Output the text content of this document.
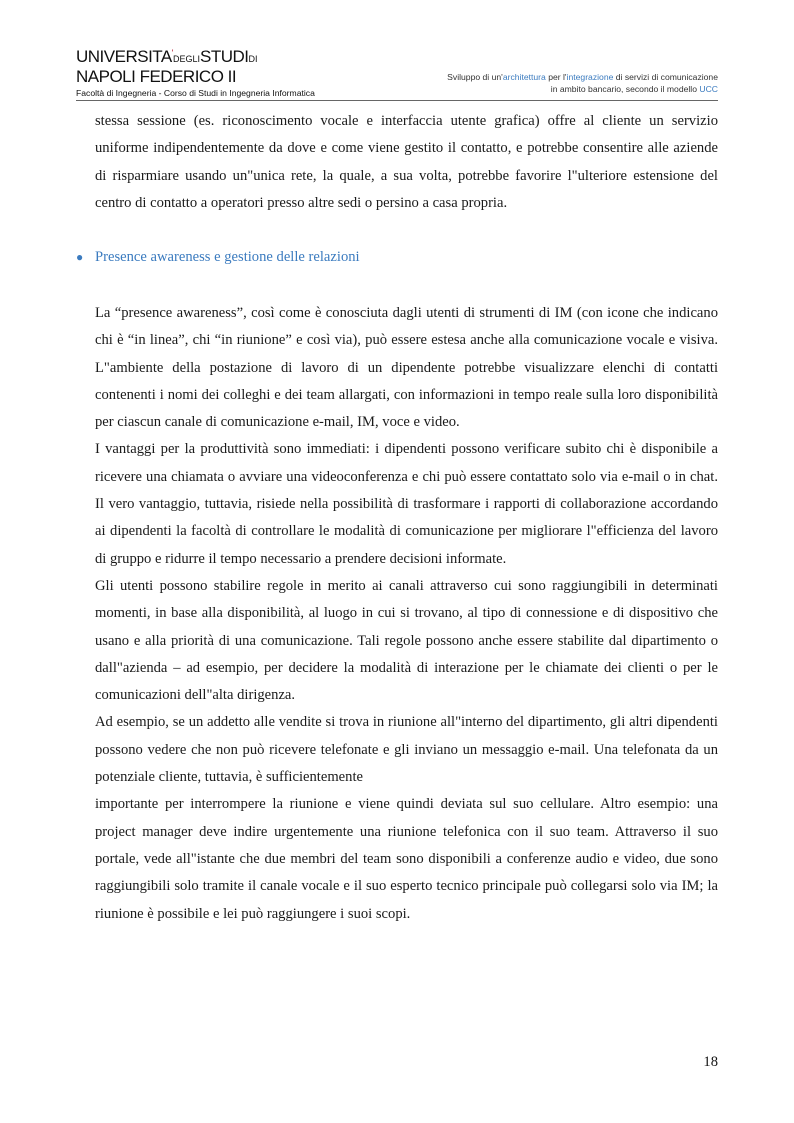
UNIVERSITA'DEGLISTUDIDI
NAPOLI FEDERICO II
Facoltà di Ingegneria - Corso di Studi in Ingegneria Informatica
Sviluppo di un'architettura per l'integrazione di servizi di comunicazione
in ambito bancario, secondo il modello UCC

stessa sessione (es. riconoscimento vocale e interfaccia utente grafica) offre al cliente un servizio uniforme indipendentemente da dove e come viene gestito il contatto, e potrebbe consentire alle aziende di risparmiare usando un"unica rete, la quale, a sua volta, potrebbe favorire l"ulteriore estensione del centro di contatto a operatori presso altre sedi o persino a casa propria.

● Presence awareness e gestione delle relazioni

La “presence awareness”, così come è conosciuta dagli utenti di strumenti di IM (con icone che indicano chi è “in linea”, chi “in riunione” e così via), può essere estesa anche alla comunicazione vocale e visiva. L"ambiente della postazione di lavoro di un dipendente potrebbe visualizzare elenchi di contatti contenenti i nomi dei colleghi e dei team allargati, con informazioni in tempo reale sulla loro disponibilità per ciascun canale di comunicazione e-mail, IM, voce e video.

I vantaggi per la produttività sono immediati: i dipendenti possono verificare subito chi è disponibile a ricevere una chiamata o avviare una videoconferenza e chi può essere contattato solo via e-mail o in chat. Il vero vantaggio, tuttavia, risiede nella possibilità di trasformare i rapporti di collaborazione accordando ai dipendenti la facoltà di controllare le modalità di comunicazione per migliorare l"efficienza del lavoro di gruppo e ridurre il tempo necessario a prendere decisioni informate.

Gli utenti possono stabilire regole in merito ai canali attraverso cui sono raggiungibili in determinati momenti, in base alla disponibilità, al luogo in cui si trovano, al tipo di connessione e di dispositivo che usano e alla priorità di una comunicazione. Tali regole possono anche essere stabilite dal dipartimento o dall"azienda – ad esempio, per decidere la modalità di interazione per le chiamate dei clienti o per le comunicazioni dell"alta dirigenza.

Ad esempio, se un addetto alle vendite si trova in riunione all"interno del dipartimento, gli altri dipendenti possono vedere che non può ricevere telefonate e gli inviano un messaggio e-mail. Una telefonata da un potenziale cliente, tuttavia, è sufficientemente

importante per interrompere la riunione e viene quindi deviata sul suo cellulare. Altro esempio: una project manager deve indire urgentemente una riunione telefonica con il suo team. Attraverso il suo portale, vede all"istante che due membri del team sono disponibili a conferenze audio e video, due sono raggiungibili solo tramite il canale vocale e il suo esperto tecnico principale può collegarsi solo via IM; la riunione è possibile e lei può raggiungere i suoi scopi.

18
